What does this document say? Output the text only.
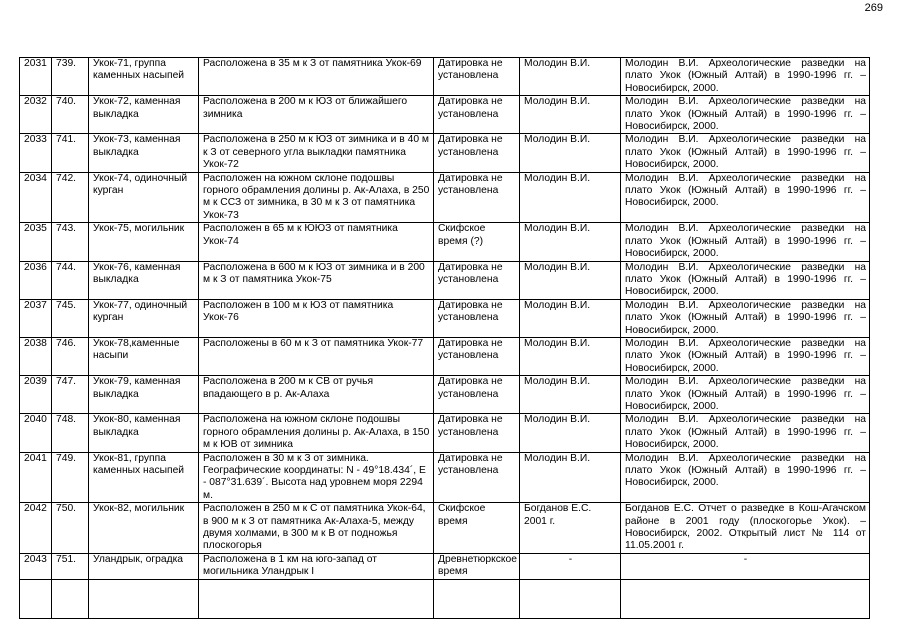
269
2031	739.	Укок-71, группа каменных насыпей	Расположена в 35 м к З от памятника Укок-69	Датировка не установлена	Молодин В.И.	Молодин В.И. Археологические разведки на плато Укок (Южный Алтай) в 1990-1996 гг. – Новосибирск, 2000.
2032	740.	Укок-72, каменная выкладка	Расположена в 200 м к ЮЗ от ближайшего зимника	Датировка не установлена	Молодин В.И.	Молодин В.И. Археологические разведки на плато Укок (Южный Алтай) в 1990-1996 гг. – Новосибирск, 2000.
2033	741.	Укок-73, каменная выкладка	Расположена в 250 м к ЮЗ от зимника и в 40 м к З от северного угла выкладки памятника Укок-72	Датировка не установлена	Молодин В.И.	Молодин В.И. Археологические разведки на плато Укок (Южный Алтай) в 1990-1996 гг. – Новосибирск, 2000.
2034	742.	Укок-74, одиночный курган	Расположен на южном склоне подошвы горного обрамления долины р. Ак-Алаха, в 250 м к ССЗ от зимника, в 30 м к З от памятника Укок-73	Датировка не установлена	Молодин В.И.	Молодин В.И. Археологические разведки на плато Укок (Южный Алтай) в 1990-1996 гг. – Новосибирск, 2000.
2035	743.	Укок-75, могильник	Расположен в 65 м к ЮЮЗ от памятника Укок-74	Скифское время (?)	Молодин В.И.	Молодин В.И. Археологические разведки на плато Укок (Южный Алтай) в 1990-1996 гг. – Новосибирск, 2000.
2036	744.	Укок-76, каменная выкладка	Расположена в 600 м к ЮЗ от зимника и в 200 м к З от памятника Укок-75	Датировка не установлена	Молодин В.И.	Молодин В.И. Археологические разведки на плато Укок (Южный Алтай) в 1990-1996 гг. – Новосибирск, 2000.
2037	745.	Укок-77, одиночный курган	Расположен в 100 м к ЮЗ от памятника Укок-76	Датировка не установлена	Молодин В.И.	Молодин В.И. Археологические разведки на плато Укок (Южный Алтай) в 1990-1996 гг. – Новосибирск, 2000.
2038	746.	Укок-78,каменные насыпи	Расположены в 60 м к З от памятника Укок-77	Датировка не установлена	Молодин В.И.	Молодин В.И. Археологические разведки на плато Укок (Южный Алтай) в 1990-1996 гг. – Новосибирск, 2000.
2039	747.	Укок-79, каменная выкладка	Расположена в 200 м к СВ от ручья впадающего в р. Ак-Алаха	Датировка не установлена	Молодин В.И.	Молодин В.И. Археологические разведки на плато Укок (Южный Алтай) в 1990-1996 гг. – Новосибирск, 2000.
2040	748.	Укок-80, каменная выкладка	Расположена на южном склоне подошвы горного обрамления долины р. Ак-Алаха, в 150 м к ЮВ от зимника	Датировка не установлена	Молодин В.И.	Молодин В.И. Археологические разведки на плато Укок (Южный Алтай) в 1990-1996 гг. – Новосибирск, 2000.
2041	749.	Укок-81, группа каменных насыпей	Расположен в 30 м к З от зимника. Географические координаты: N - 49°18.434´, E - 087°31.639´. Высота над уровнем моря 2294 м.	Датировка не установлена	Молодин В.И.	Молодин В.И. Археологические разведки на плато Укок (Южный Алтай) в 1990-1996 гг. – Новосибирск, 2000.
2042	750.	Укок-82, могильник	Расположен в 250 м к С от памятника Укок-64, в 900 м к З от памятника Ак-Алаха-5, между двумя холмами, в 300 м к В от подножья плоскогорья	Скифское время	Богданов Е.С. 2001 г.	Богданов Е.С. Отчет о разведке в Кош-Агачском районе в 2001 году (плоскогорье Укок). – Новосибирск, 2002. Открытый лист № 114 от 11.05.2001 г.
2043	751.	Уландрык, оградка	Расположена в 1 км на юго-запад от могильника Уландрык I	Древнетюркское время	-	-
